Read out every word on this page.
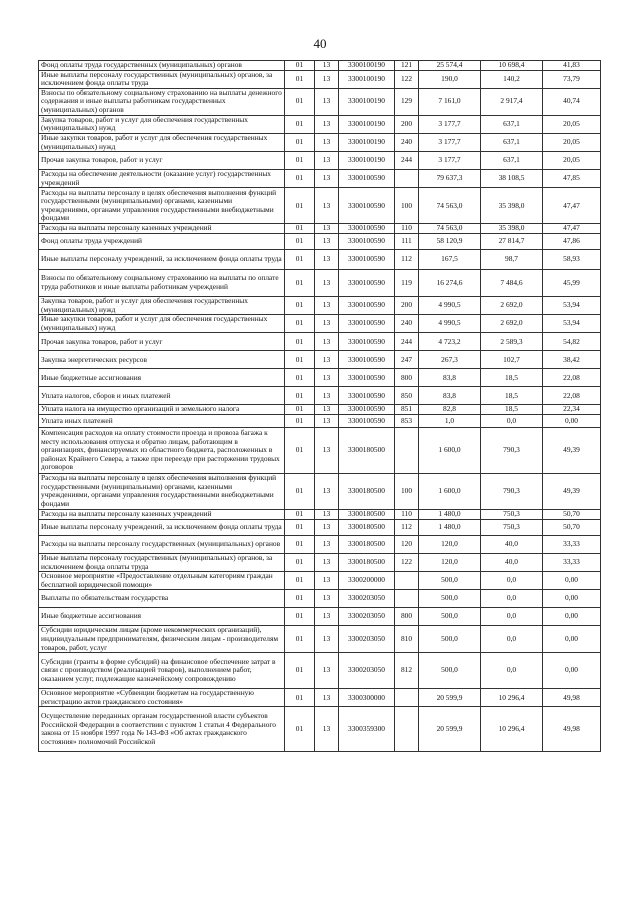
40
Фонд оплаты труда государственных (муниципальных) органов	01	13	3300100190	121	25 574,4	10 698,4	41,83
Иные выплаты персоналу государственных (муниципальных) органов, за исключением фонда оплаты труда	01	13	3300100190	122	190,0	140,2	73,79
Взносы по обязательному социальному страхованию на выплаты денежного содержания и иные выплаты работникам государственных (муниципальных) органов	01	13	3300100190	129	7 161,0	2 917,4	40,74
Закупка товаров, работ и услуг для обеспечения государственных (муниципальных) нужд	01	13	3300100190	200	3 177,7	637,1	20,05
Иные закупки товаров, работ и услуг для обеспечения государственных (муниципальных) нужд	01	13	3300100190	240	3 177,7	637,1	20,05
Прочая закупка товаров, работ и услуг	01	13	3300100190	244	3 177,7	637,1	20,05
Расходы на обеспечение деятельности (оказание услуг) государственных учреждений	01	13	3300100590		79 637,3	38 108,5	47,85
Расходы на выплаты персоналу в целях обеспечения выполнения функций государственными (муниципальными) органами, казенными учреждениями, органами управления государственными внебюджетными фондами	01	13	3300100590	100	74 563,0	35 398,0	47,47
Расходы на выплаты персоналу казенных учреждений	01	13	3300100590	110	74 563,0	35 398,0	47,47
Фонд оплаты труда учреждений	01	13	3300100590	111	58 120,9	27 814,7	47,86
Иные выплаты персоналу учреждений, за исключением фонда оплаты труда	01	13	3300100590	112	167,5	98,7	58,93
Взносы по обязательному социальному страхованию на выплаты по оплате труда работников и иные выплаты работникам учреждений	01	13	3300100590	119	16 274,6	7 484,6	45,99
Закупка товаров, работ и услуг для обеспечения государственных (муниципальных) нужд	01	13	3300100590	200	4 990,5	2 692,0	53,94
Иные закупки товаров, работ и услуг для обеспечения государственных (муниципальных) нужд	01	13	3300100590	240	4 990,5	2 692,0	53,94
Прочая закупка товаров, работ и услуг	01	13	3300100590	244	4 723,2	2 589,3	54,82
Закупка энергетических ресурсов	01	13	3300100590	247	267,3	102,7	38,42
Иные бюджетные ассигнования	01	13	3300100590	800	83,8	18,5	22,08
Уплата налогов, сборов и иных платежей	01	13	3300100590	850	83,8	18,5	22,08
Уплата налога на имущество организаций и земельного налога	01	13	3300100590	851	82,8	18,5	22,34
Уплата иных платежей	01	13	3300100590	853	1,0	0,0	0,00
Компенсация расходов на оплату стоимости проезда и провоза багажа к месту использования отпуска и обратно лицам, работающим в организациях, финансируемых из областного бюджета, расположенных в районах Крайнего Севера, а также при переезде при расторжении трудовых договоров	01	13	3300180500		1 600,0	790,3	49,39
Расходы на выплаты персоналу в целях обеспечения выполнения функций государственными (муниципальными) органами, казенными учреждениями, органами управления государственными внебюджетными фондами	01	13	3300180500	100	1 600,0	790,3	49,39
Расходы на выплаты персоналу казенных учреждений	01	13	3300180500	110	1 480,0	750,3	50,70
Иные выплаты персоналу учреждений, за исключением фонда оплаты труда	01	13	3300180500	112	1 480,0	750,3	50,70
Расходы на выплаты персоналу государственных (муниципальных) органов	01	13	3300180500	120	120,0	40,0	33,33
Иные выплаты персоналу государственных (муниципальных) органов, за исключением фонда оплаты труда	01	13	3300180500	122	120,0	40,0	33,33
Основное мероприятие «Предоставление отдельным категориям граждан бесплатной юридической помощи»	01	13	3300200000		500,0	0,0	0,00
Выплаты по обязательствам государства	01	13	3300203050		500,0	0,0	0,00
Иные бюджетные ассигнования	01	13	3300203050	800	500,0	0,0	0,00
Субсидии юридическим лицам (кроме некоммерческих организаций), индивидуальным предпринимателям, физическим лицам - производителям товаров, работ, услуг	01	13	3300203050	810	500,0	0,0	0,00
Субсидии (гранты в форме субсидий) на финансовое обеспечение затрат в связи с производством (реализацией товаров), выполнением работ, оказанием услуг, подлежащие казначейскому сопровождению	01	13	3300203050	812	500,0	0,0	0,00
Основное мероприятие «Субвенции бюджетам на государственную регистрацию актов гражданского состояния»	01	13	3300300000		20 599,9	10 296,4	49,98
Осуществление переданных органам государственной власти субъектов Российской Федерации в соответствии с пунктом 1 статьи 4 Федерального закона от 15 ноября 1997 года № 143-ФЗ «Об актах гражданского состояния» полномочий Российской	01	13	3300359300		20 599,9	10 296,4	49,98
